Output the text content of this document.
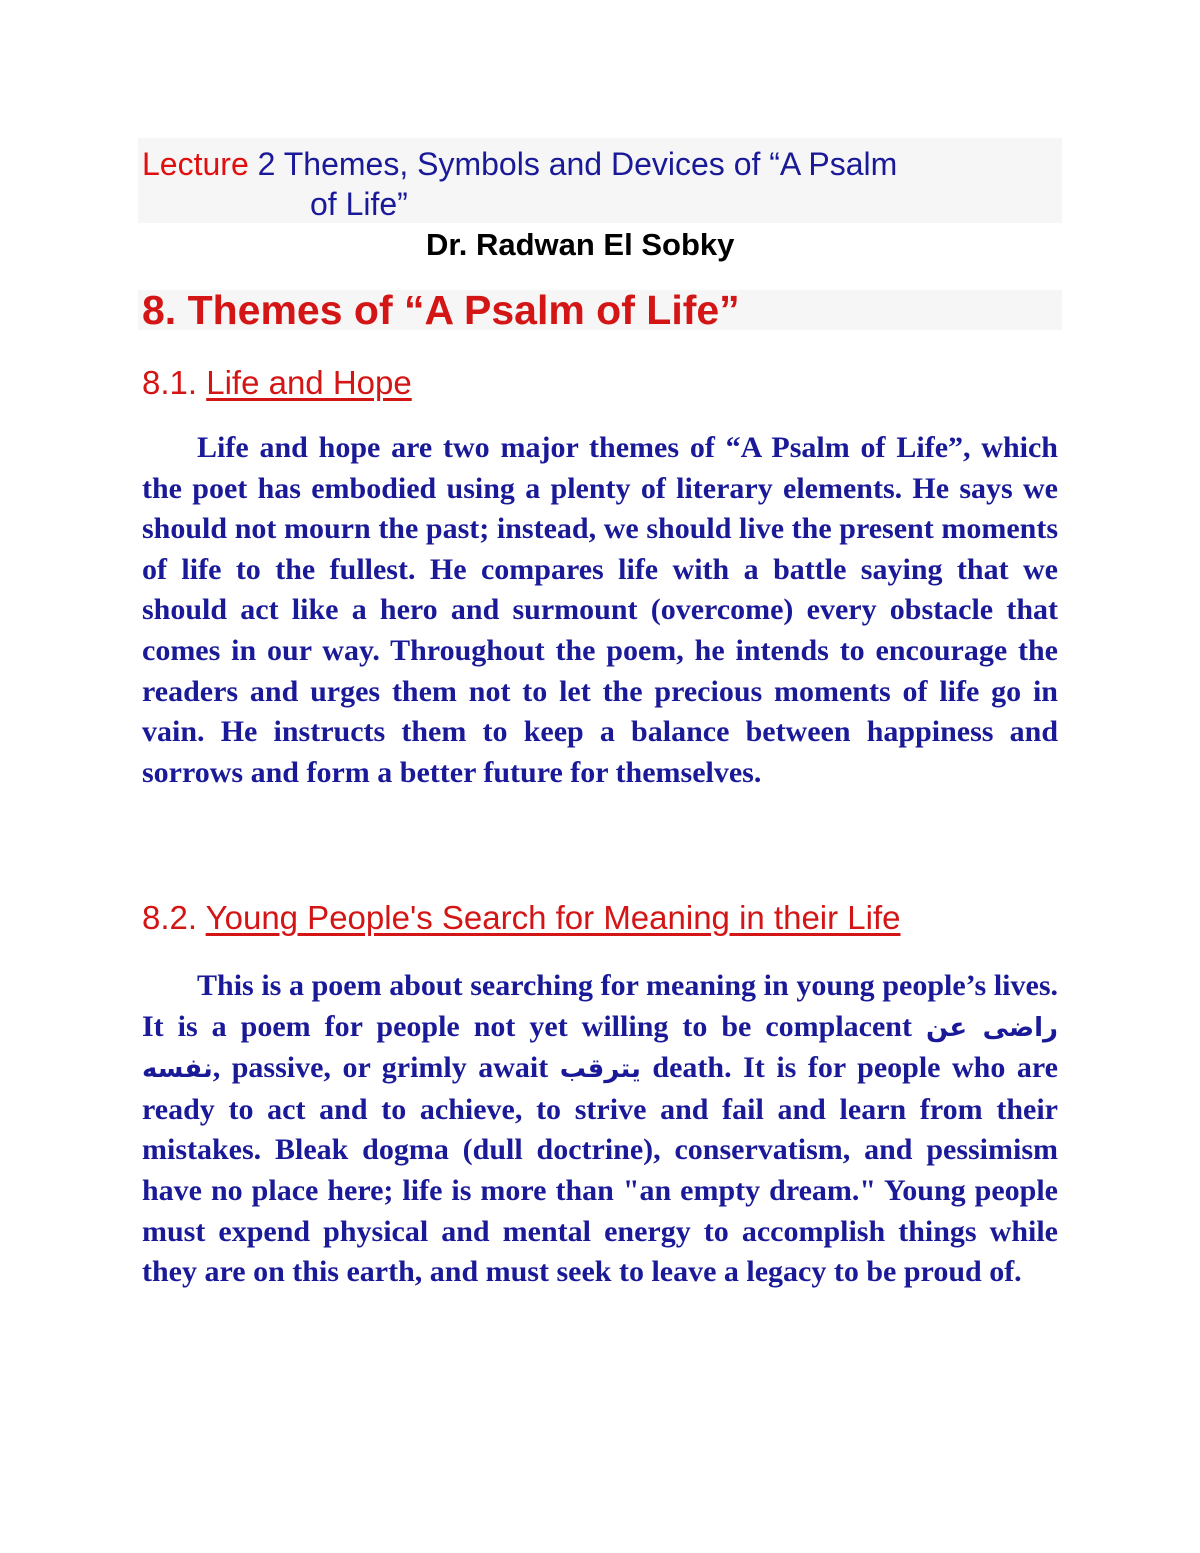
Lecture 2 Themes, Symbols and Devices of “A Psalm
of Life”
Dr. Radwan El Sobky
8. Themes of “A Psalm of Life”
8.1. Life and Hope

Life and hope are two major themes of “A Psalm of Life”, which the poet has embodied using a plenty of literary elements. He says we should not mourn the past; instead, we should live the present moments of life to the fullest. He compares life with a battle saying that we should act like a hero and surmount (overcome) every obstacle that comes in our way. Throughout the poem, he intends to encourage the readers and urges them not to let the precious moments of life go in vain. He instructs them to keep a balance between happiness and sorrows and form a better future for themselves.

8.2. Young People's Search for Meaning in their Life

This is a poem about searching for meaning in young people’s lives. It is a poem for people not yet willing to be complacent راضى عن نفسه, passive, or grimly await يترقب death. It is for people who are ready to act and to achieve, to strive and fail and learn from their mistakes. Bleak dogma (dull doctrine), conservatism, and pessimism have no place here; life is more than "an empty dream." Young people must expend physical and mental energy to accomplish things while they are on this earth, and must seek to leave a legacy to be proud of.
